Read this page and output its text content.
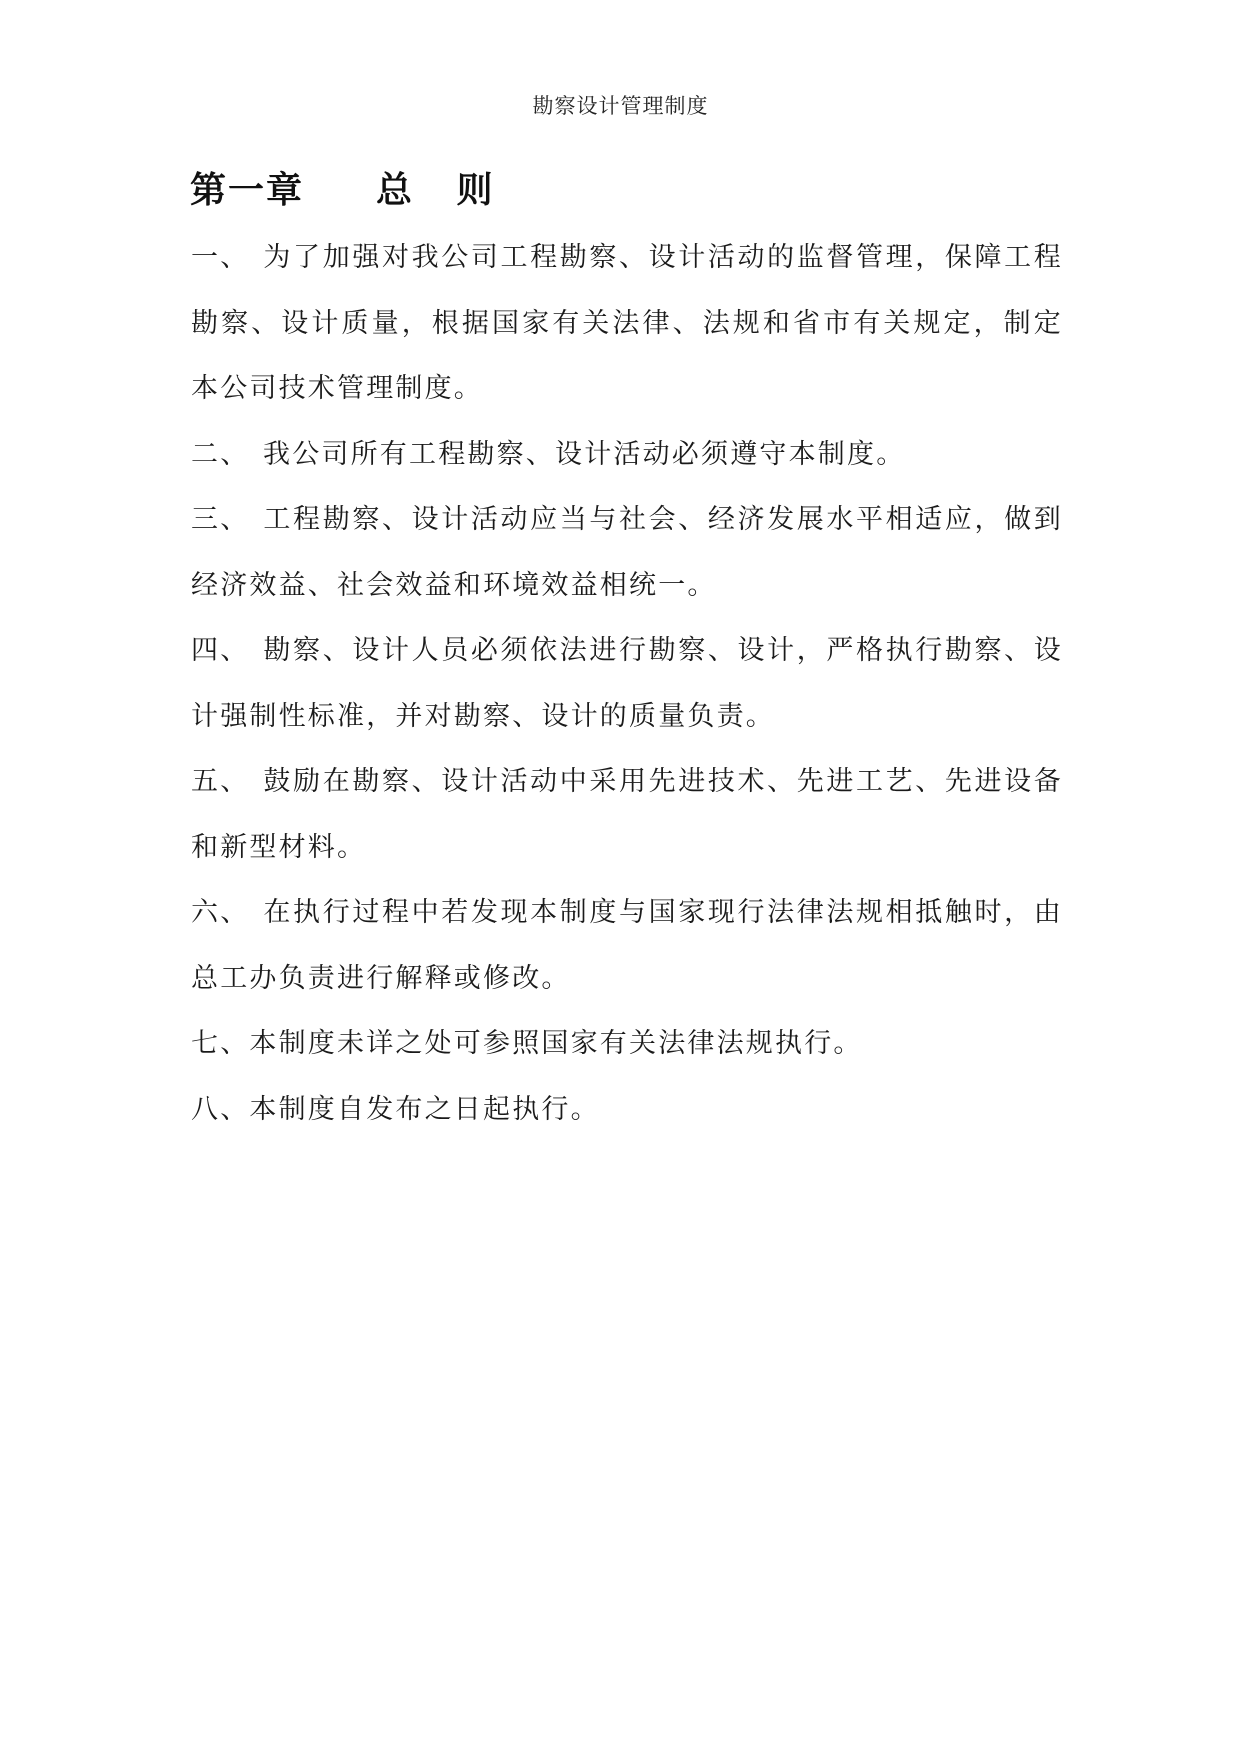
勘察设计管理制度
第一章 总 则

一、 为了加强对我公司工程勘察、设计活动的监督管理，保障工程勘察、设计质量，根据国家有关法律、法规和省市有关规定，制定本公司技术管理制度。

二、 我公司所有工程勘察、设计活动必须遵守本制度。

三、 工程勘察、设计活动应当与社会、经济发展水平相适应，做到经济效益、社会效益和环境效益相统一。

四、 勘察、设计人员必须依法进行勘察、设计，严格执行勘察、设计强制性标准，并对勘察、设计的质量负责。

五、 鼓励在勘察、设计活动中采用先进技术、先进工艺、先进设备和新型材料。

六、 在执行过程中若发现本制度与国家现行法律法规相抵触时，由总工办负责进行解释或修改。

七、本制度未详之处可参照国家有关法律法规执行。

八、本制度自发布之日起执行。
